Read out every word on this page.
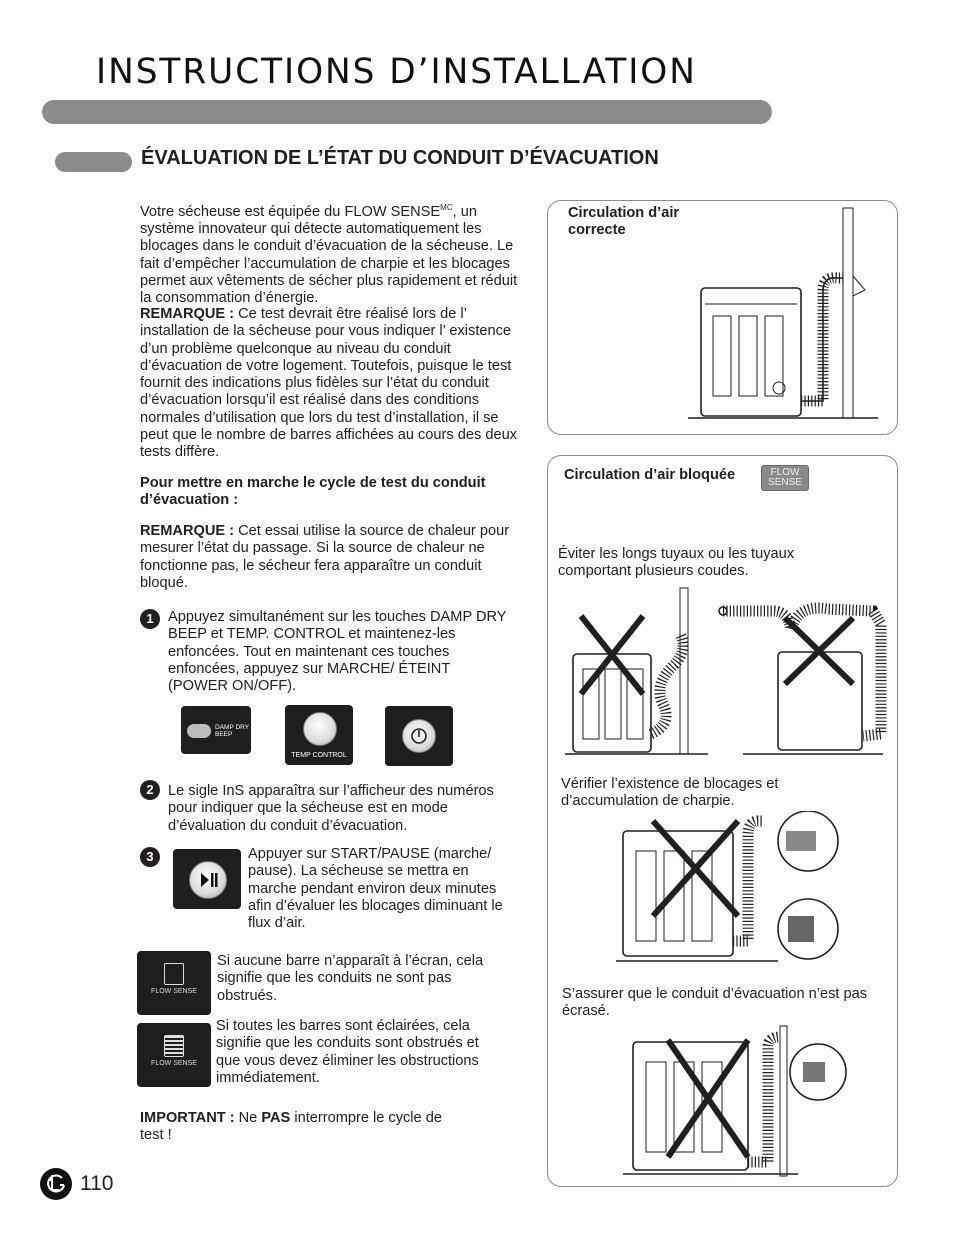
INSTRUCTIONS D’INSTALLATION
ÉVALUATION DE L’ÉTAT DU CONDUIT D’ÉVACUATION
Votre sécheuse est équipée du FLOW $SENSE^{MC}$, un système innovateur qui détecte automatiquement les blocages dans le conduit d’évacuation de la sécheuse. Le fait d’empêcher l’accumulation de charpie et les blocages permet aux vêtements de sécher plus rapidement et réduit la consommation d’énergie.
REMARQUE : Ce test devrait être réalisé lors de l’ installation de la sécheuse pour vous indiquer l’ existence d’un problème quelconque au niveau du conduit d’évacuation de votre logement. Toutefois, puisque le test fournit des indications plus fidèles sur l’état du conduit d’évacuation lorsqu’il est réalisé dans des conditions normales d’utilisation que lors du test d’installation, il se peut que le nombre de barres affichées au cours des deux tests diffère.
Pour mettre en marche le cycle de test du conduit d’évacuation :
REMARQUE : Cet essai utilise la source de chaleur pour mesurer l’état du passage. Si la source de chaleur ne fonctionne pas, le sécheur fera apparaître un conduit bloqué.
1 Appuyez simultanément sur les touches DAMP DRY BEEP et TEMP. CONTROL et maintenez-les enfoncées. Tout en maintenant ces touches enfoncées, appuyez sur MARCHE/ ÉTEINT (POWER ON/OFF).
DAMP DRY BEEP
TEMP CONTROL
2 Le sigle InS apparaîtra sur l’afficheur des numéros pour indiquer que la sécheuse est en mode d’évaluation du conduit d’évacuation.
3	Appuyer sur START/PAUSE (marche/ pause). La sécheuse se mettra en marche pendant environ deux minutes afin d’évaluer les blocages diminuant le flux d’air.
FLOW SENSE
Si aucune barre n’apparaît à l’écran, cela signifie que les conduits ne sont pas obstrués.
FLOW SENSE
Si toutes les barres sont éclairées, cela signifie que les conduits sont obstrués et que vous devez éliminer les obstructions immédiatement.
IMPORTANT : Ne PAS interrompre le cycle de test !
110
Circulation d’air correcte
Circulation d’air bloquée	FLOW SENSE
Éviter les longs tuyaux ou les tuyaux comportant plusieurs coudes.
Vérifier l’existence de blocages et d’accumulation de charpie.
S’assurer que le conduit d’évacuation n’est pas écrasé.
